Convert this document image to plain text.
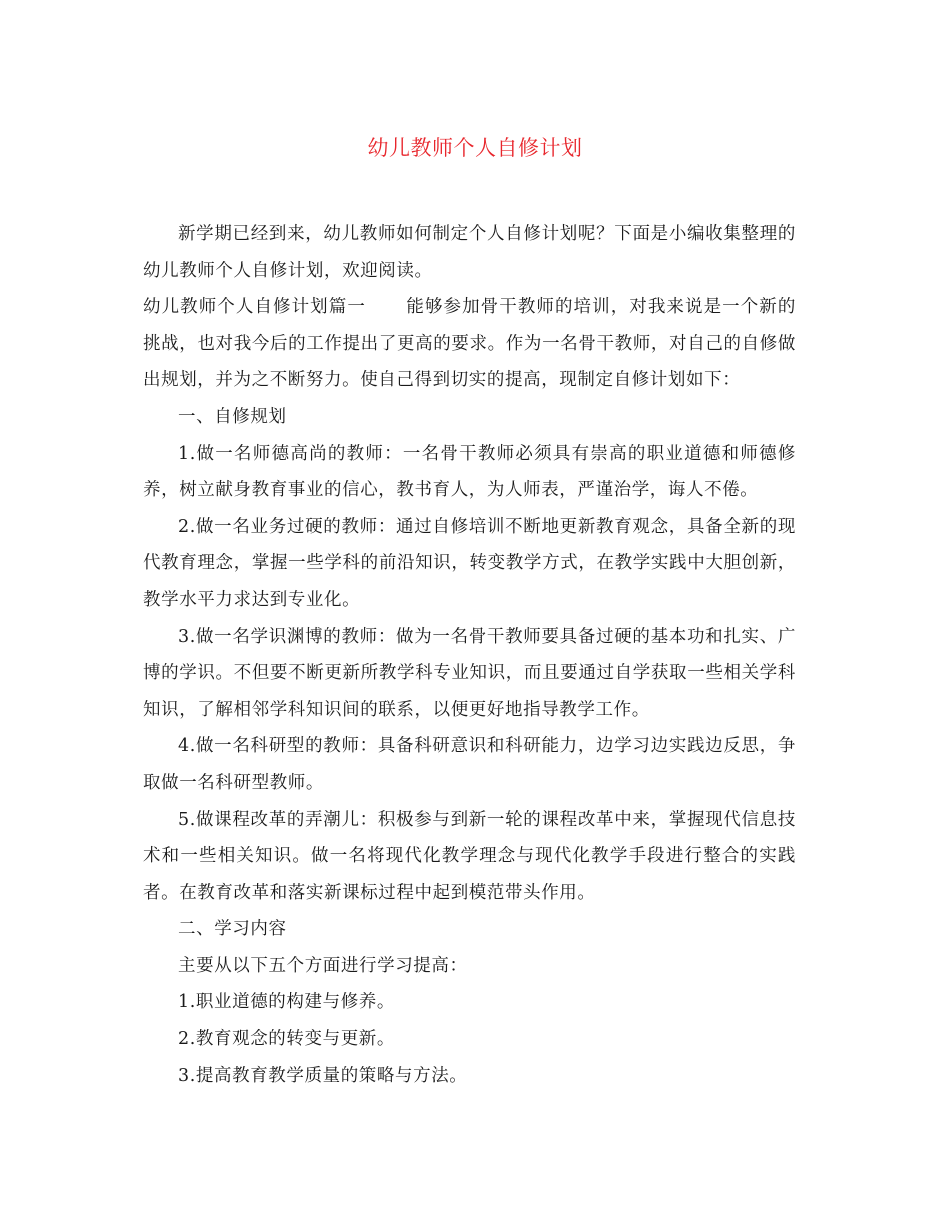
幼儿教师个人自修计划

新学期已经到来，幼儿教师如何制定个人自修计划呢？下面是小编收集整理的幼儿教师个人自修计划，欢迎阅读。

幼儿教师个人自修计划篇一 能够参加骨干教师的培训，对我来说是一个新的挑战，也对我今后的工作提出了更高的要求。作为一名骨干教师，对自己的自修做出规划，并为之不断努力。使自己得到切实的提高，现制定自修计划如下：

一、自修规划

1.做一名师德高尚的教师：一名骨干教师必须具有崇高的职业道德和师德修养，树立献身教育事业的信心，教书育人，为人师表，严谨治学，诲人不倦。

2.做一名业务过硬的教师：通过自修培训不断地更新教育观念，具备全新的现代教育理念，掌握一些学科的前沿知识，转变教学方式，在教学实践中大胆创新，教学水平力求达到专业化。

3.做一名学识渊博的教师：做为一名骨干教师要具备过硬的基本功和扎实、广博的学识。不但要不断更新所教学科专业知识，而且要通过自学获取一些相关学科知识，了解相邻学科知识间的联系，以便更好地指导教学工作。

4.做一名科研型的教师：具备科研意识和科研能力，边学习边实践边反思，争取做一名科研型教师。

5.做课程改革的弄潮儿：积极参与到新一轮的课程改革中来，掌握现代信息技术和一些相关知识。做一名将现代化教学理念与现代化教学手段进行整合的实践者。在教育改革和落实新课标过程中起到模范带头作用。

二、学习内容

主要从以下五个方面进行学习提高：

1.职业道德的构建与修养。

2.教育观念的转变与更新。

3.提高教育教学质量的策略与方法。
